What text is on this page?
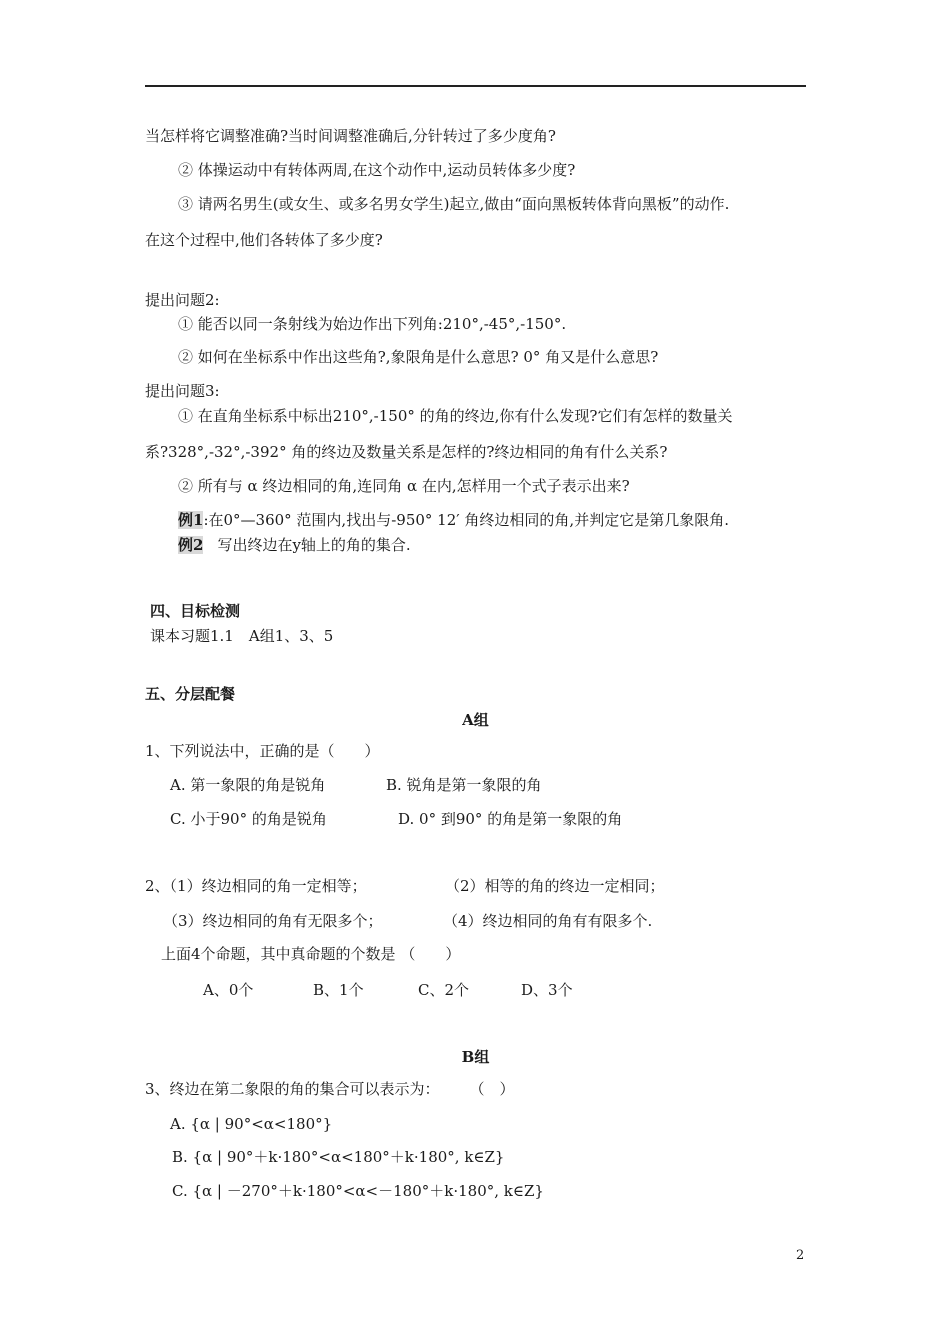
当怎样将它调整准确?当时间调整准确后,分针转过了多少度角?
② 体操运动中有转体两周,在这个动作中,运动员转体多少度?
③ 请两名男生(或女生、或多名男女学生)起立,做由“面向黑板转体背向黑板”的动作.
在这个过程中,他们各转体了多少度?
提出问题2:
① 能否以同一条射线为始边作出下列角:210°,-45°,-150°.
② 如何在坐标系中作出这些角?,象限角是什么意思? 0° 角又是什么意思?
提出问题3:
① 在直角坐标系中标出210°,-150° 的角的终边,你有什么发现?它们有怎样的数量关
系?328°,-32°,-392° 角的终边及数量关系是怎样的?终边相同的角有什么关系?
② 所有与 α 终边相同的角,连同角 α 在内,怎样用一个式子表示出来?
例1:在0°—360° 范围内,找出与-950° 12′ 角终边相同的角,并判定它是第几象限角.
例2 写出终边在y轴上的角的集合.
四、目标检测
课本习题1.1　A组1、3、5
五、分层配餐
A组
1、下列说法中，正确的是（　　）
A. 第一象限的角是锐角	B. 锐角是第一象限的角
C. 小于90° 的角是锐角	D. 0° 到90° 的角是第一象限的角
2、（1）终边相同的角一定相等；	（2）相等的角的终边一定相同；
（3）终边相同的角有无限多个；	（4）终边相同的角有有限多个.
上面4个命题，其中真命题的个数是 （　　）
A、0个	B、1个	C、2个	D、3个
B组
3、终边在第二象限的角的集合可以表示为：　　　（　）
A. {α | 90°<α<180°}
B. {α | 90°＋k·180°<α<180°＋k·180°, k∈Z}
C. {α | －270°＋k·180°<α<－180°＋k·180°, k∈Z}
2
